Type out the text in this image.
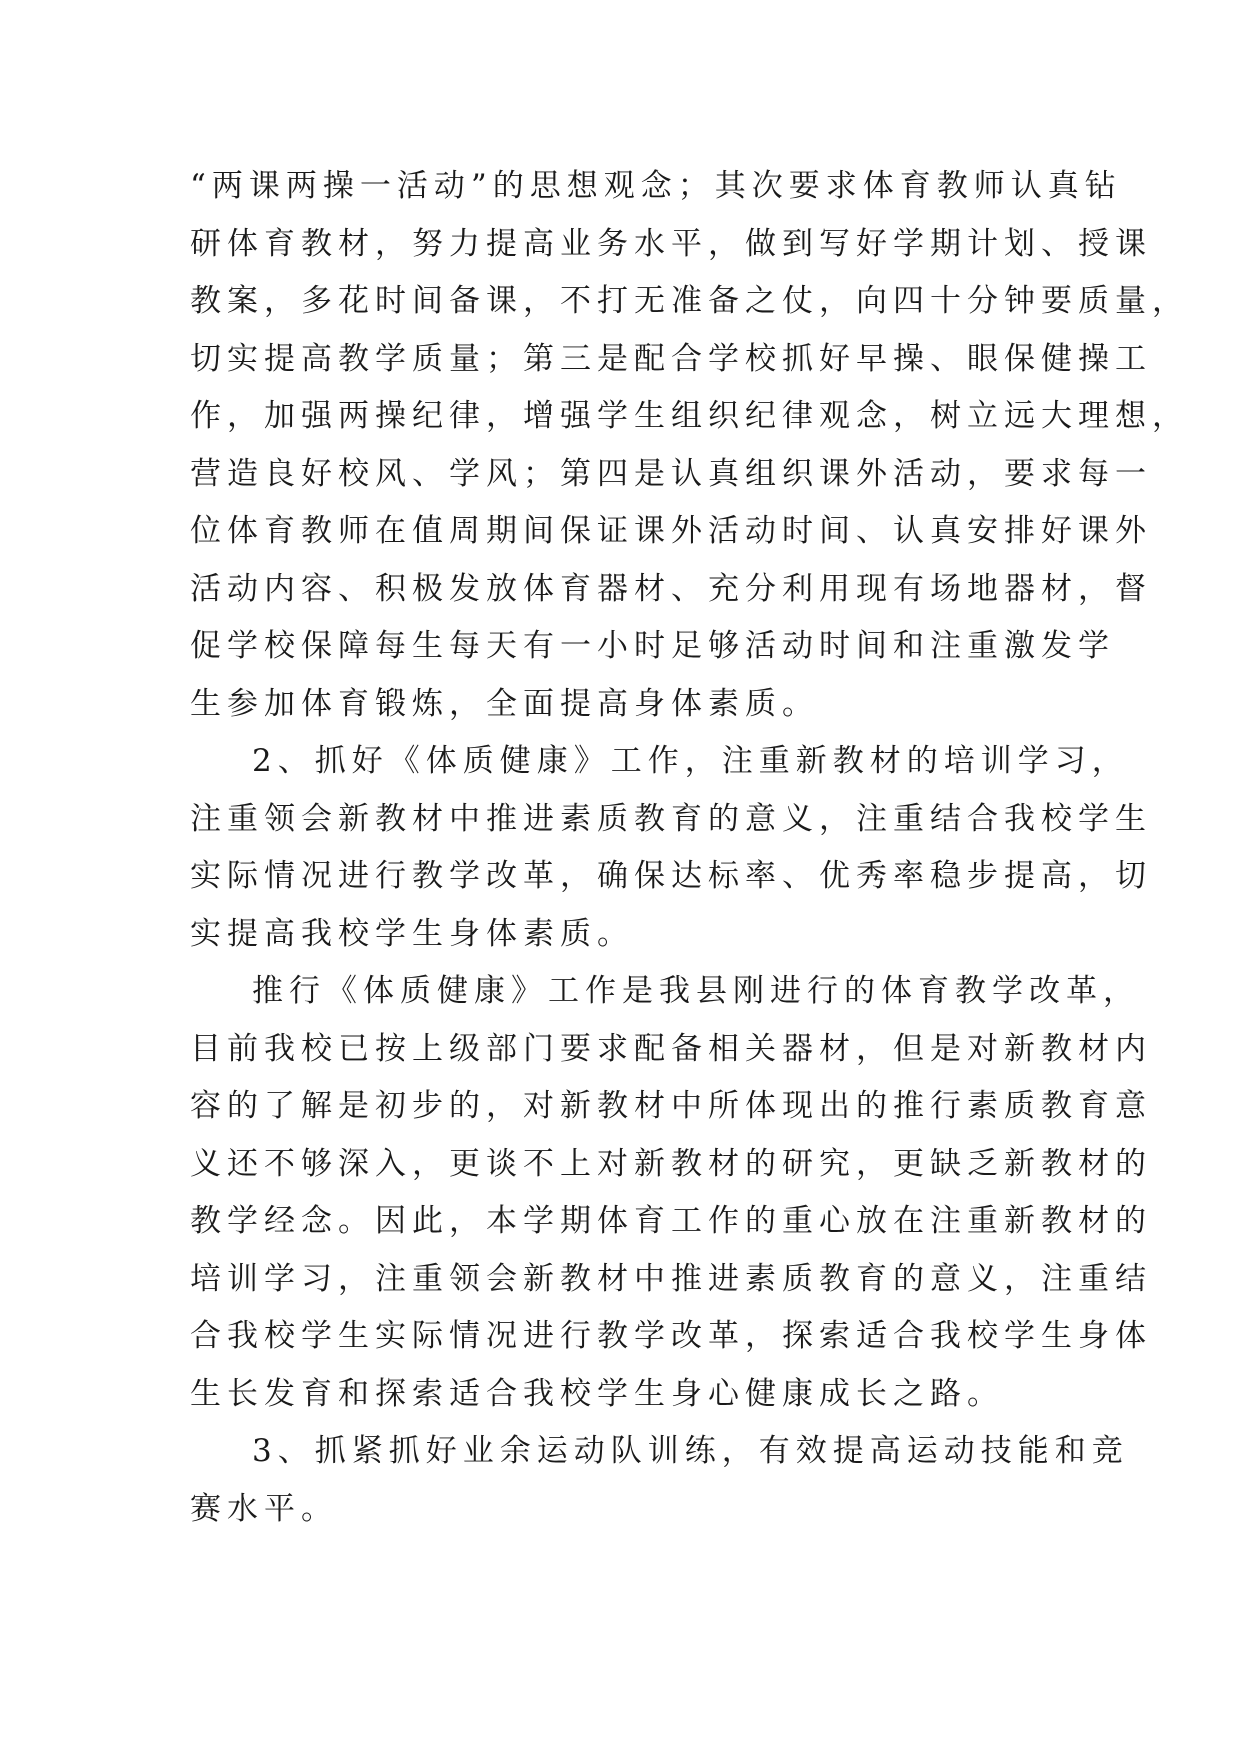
“两课两操一活动”的思想观念；其次要求体育教师认真钻
研体育教材，努力提高业务水平，做到写好学期计划、授课
教案，多花时间备课，不打无准备之仗，向四十分钟要质量，
切实提高教学质量；第三是配合学校抓好早操、眼保健操工
作，加强两操纪律，增强学生组织纪律观念，树立远大理想，
营造良好校风、学风；第四是认真组织课外活动，要求每一
位体育教师在值周期间保证课外活动时间、认真安排好课外
活动内容、积极发放体育器材、充分利用现有场地器材，督
促学校保障每生每天有一小时足够活动时间和注重激发学
生参加体育锻炼，全面提高身体素质。
2、抓好《体质健康》工作，注重新教材的培训学习，
注重领会新教材中推进素质教育的意义，注重结合我校学生
实际情况进行教学改革，确保达标率、优秀率稳步提高，切
实提高我校学生身体素质。
推行《体质健康》工作是我县刚进行的体育教学改革，
目前我校已按上级部门要求配备相关器材，但是对新教材内
容的了解是初步的，对新教材中所体现出的推行素质教育意
义还不够深入，更谈不上对新教材的研究，更缺乏新教材的
教学经念。因此，本学期体育工作的重心放在注重新教材的
培训学习，注重领会新教材中推进素质教育的意义，注重结
合我校学生实际情况进行教学改革，探索适合我校学生身体
生长发育和探索适合我校学生身心健康成长之路。
3、抓紧抓好业余运动队训练，有效提高运动技能和竞
赛水平。
